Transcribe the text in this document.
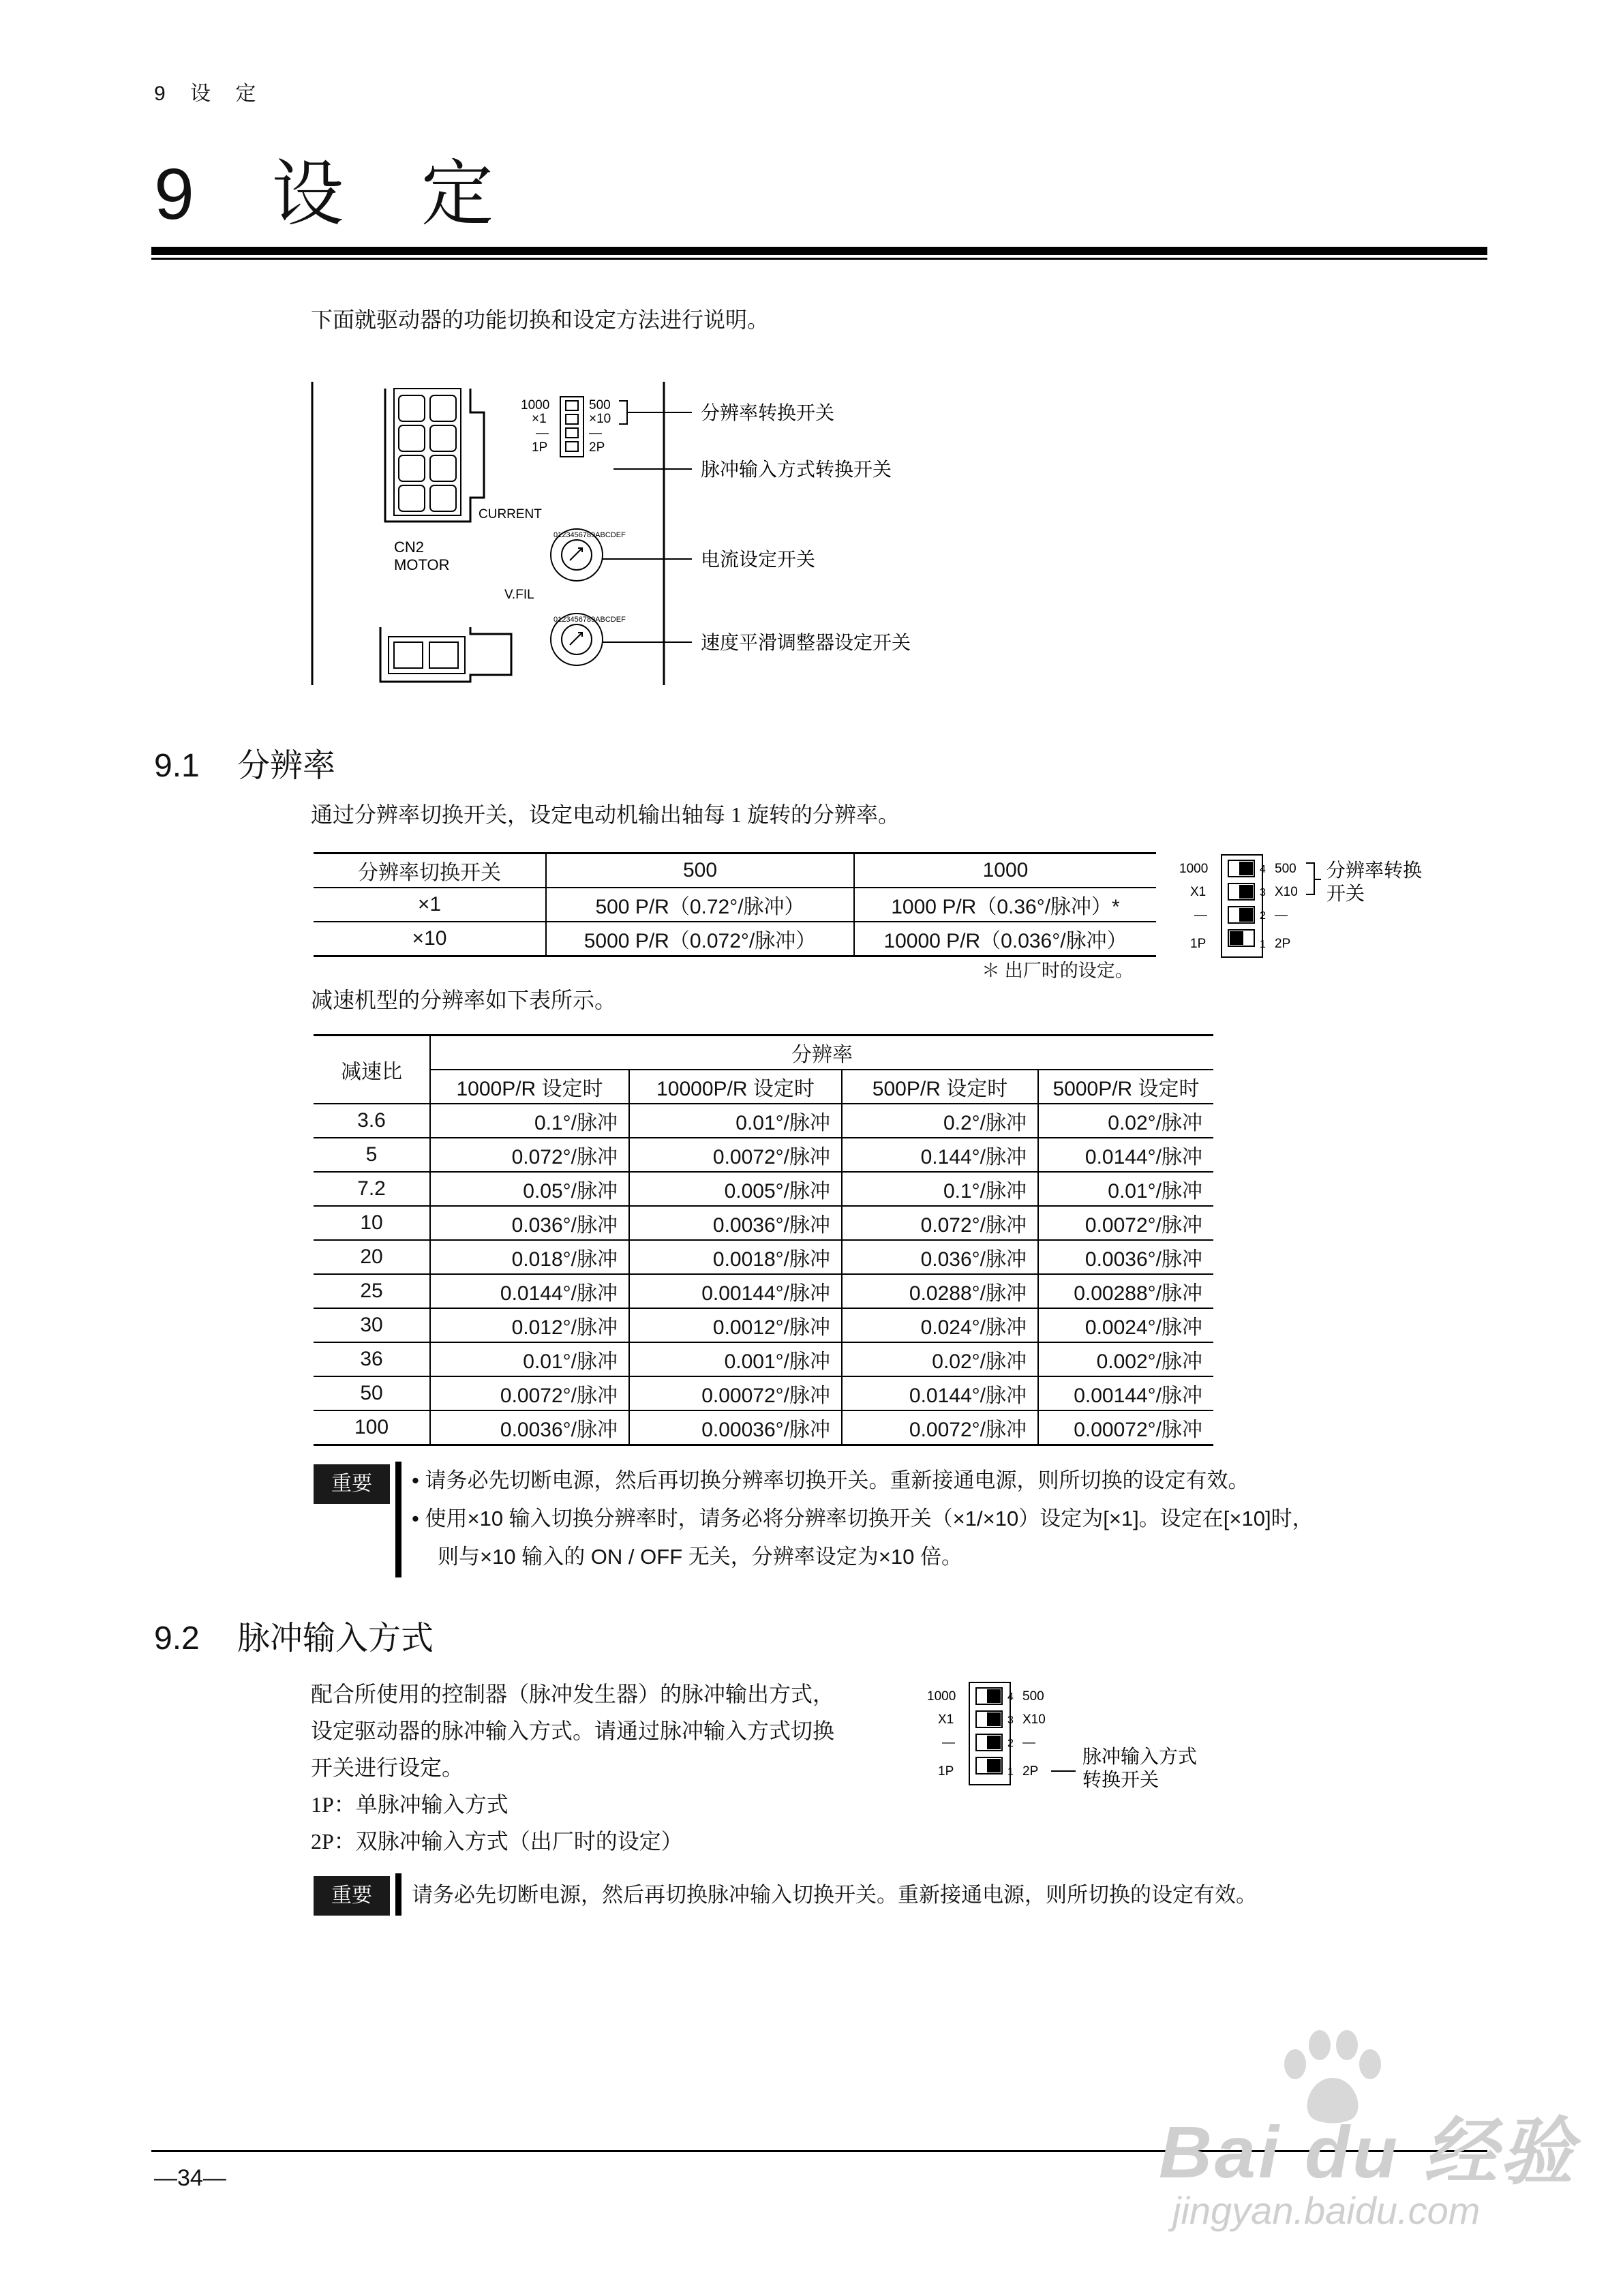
9 设 定
9 设 定
下面就驱动器的功能切换和设定方法进行说明。
CN2
MOTOR
1000
×1
—
1P
500
×10
—
2P
CURRENT
0123456789ABCDEF
V.FIL
0123456789ABCDEF
分辨率转换开关
脉冲输入方式转换开关
电流设定开关
速度平滑调整器设定开关
9.1 分辨率
通过分辨率切换开关，设定电动机输出轴每 1 旋转的分辨率。
分辨率切换开关	500	1000
×1	500 P/R（0.72°/脉冲）	1000 P/R（0.36°/脉冲）*
×10	5000 P/R（0.072°/脉冲）	10000 P/R（0.036°/脉冲）
＊ 出厂时的设定。
1000
X1
—
1P
4
3
2
1
500
X10
—
2P
分辨率转换
开关
减速机型的分辨率如下表所示。
减速比	分辨率			
	1000P/R 设定时	10000P/R 设定时	500P/R 设定时	5000P/R 设定时
3.6	0.1°/脉冲	0.01°/脉冲	0.2°/脉冲	0.02°/脉冲
5	0.072°/脉冲	0.0072°/脉冲	0.144°/脉冲	0.0144°/脉冲
7.2	0.05°/脉冲	0.005°/脉冲	0.1°/脉冲	0.01°/脉冲
10	0.036°/脉冲	0.0036°/脉冲	0.072°/脉冲	0.0072°/脉冲
20	0.018°/脉冲	0.0018°/脉冲	0.036°/脉冲	0.0036°/脉冲
25	0.0144°/脉冲	0.00144°/脉冲	0.0288°/脉冲	0.00288°/脉冲
30	0.012°/脉冲	0.0012°/脉冲	0.024°/脉冲	0.0024°/脉冲
36	0.01°/脉冲	0.001°/脉冲	0.02°/脉冲	0.002°/脉冲
50	0.0072°/脉冲	0.00072°/脉冲	0.0144°/脉冲	0.00144°/脉冲
100	0.0036°/脉冲	0.00036°/脉冲	0.0072°/脉冲	0.00072°/脉冲
重要	• 请务必先切断电源，然后再切换分辨率切换开关。重新接通电源，则所切换的设定有效。
• 使用×10 输入切换分辨率时，请务必将分辨率切换开关（×1/×10）设定为[×1]。设定在[×10]时，
则与×10 输入的 ON / OFF 无关，分辨率设定为×10 倍。
9.2 脉冲输入方式
配合所使用的控制器（脉冲发生器）的脉冲输出方式，
设定驱动器的脉冲输入方式。请通过脉冲输入方式切换
开关进行设定。
1P：单脉冲输入方式
2P：双脉冲输入方式（出厂时的设定）
1000
X1
—
1P
4
3
2
1
500
X10
—
2P
脉冲输入方式
转换开关
重要	请务必先切断电源，然后再切换脉冲输入切换开关。重新接通电源，则所切换的设定有效。
—34—	Bai du 经验
jingyan.baidu.com
